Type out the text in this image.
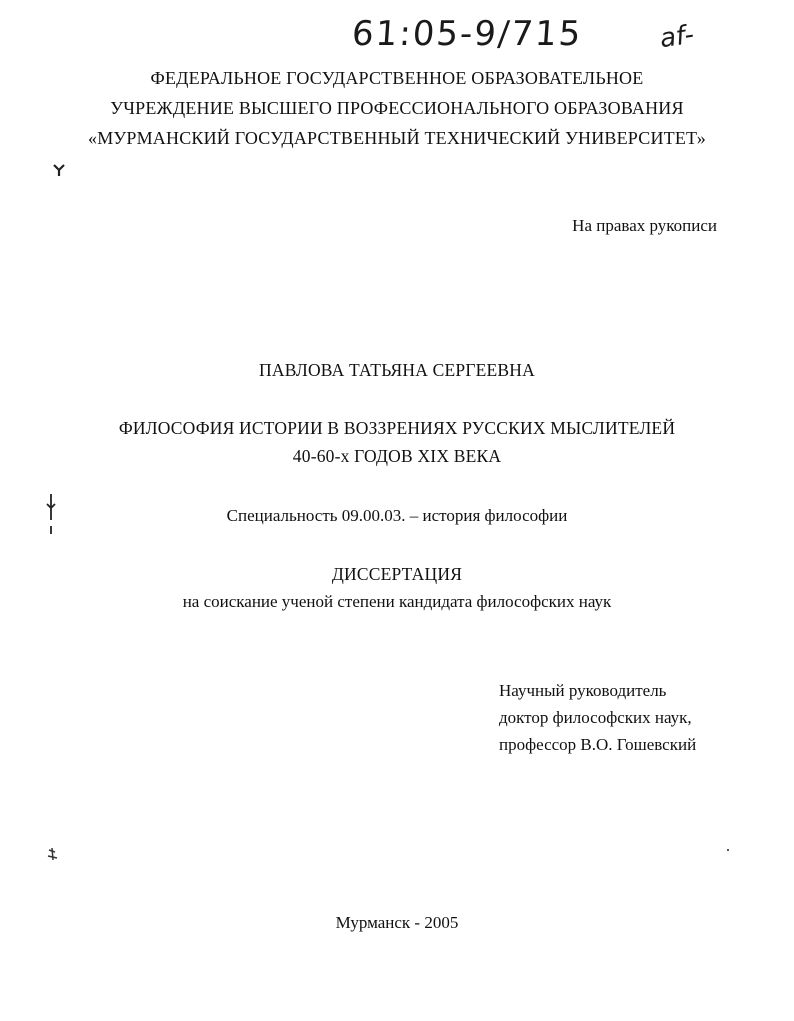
61:05-9/715	af-
ФЕДЕРАЛЬНОЕ ГОСУДАРСТВЕННОЕ ОБРАЗОВАТЕЛЬНОЕ
УЧРЕЖДЕНИЕ ВЫСШЕГО ПРОФЕССИОНАЛЬНОГО ОБРАЗОВАНИЯ
«МУРМАНСКИЙ ГОСУДАРСТВЕННЫЙ ТЕХНИЧЕСКИЙ УНИВЕРСИТЕТ»
На правах рукописи
ПАВЛОВА ТАТЬЯНА СЕРГЕЕВНА
ФИЛОСОФИЯ ИСТОРИИ В ВОЗЗРЕНИЯХ РУССКИХ МЫСЛИТЕЛЕЙ
40-60-х ГОДОВ XIX ВЕКА
Специальность 09.00.03. – история философии
ДИССЕРТАЦИЯ
на соискание ученой степени кандидата философских наук
Научный руководитель
доктор философских наук,
профессор В.О. Гошевский
Мурманск - 2005
